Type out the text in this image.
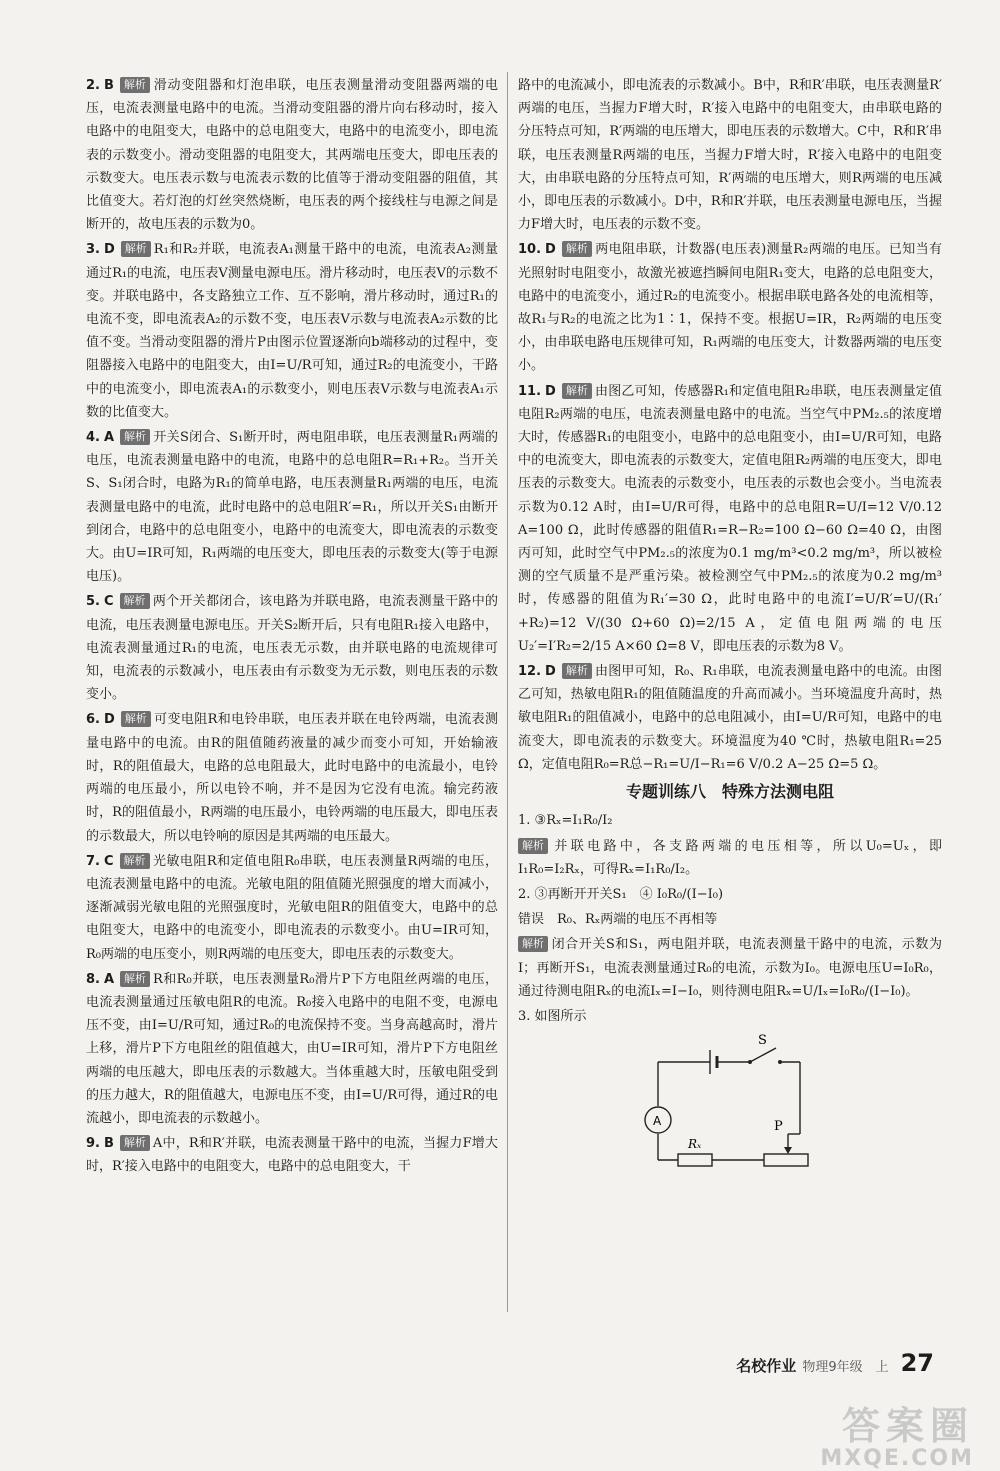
2. B 解析 滑动变阻器和灯泡串联，电压表测量滑动变阻器两端的电压，电流表测量电路中的电流。当滑动变阻器的滑片向右移动时，接入电路中的电阻变大，电路中的总电阻变大，电路中的电流变小，即电流表的示数变小。滑动变阻器的电阻变大，其两端电压变大，即电压表的示数变大。电压表示数与电流表示数的比值等于滑动变阻器的阻值，其比值变大。若灯泡的灯丝突然烧断，电压表的两个接线柱与电源之间是断开的，故电压表的示数为0。

3. D 解析 R₁和R₂并联，电流表A₁测量干路中的电流，电流表A₂测量通过R₁的电流，电压表V测量电源电压。滑片移动时，电压表V的示数不变。并联电路中，各支路独立工作、互不影响，滑片移动时，通过R₁的电流不变，即电流表A₂的示数不变，电压表V示数与电流表A₂示数的比值不变。当滑动变阻器的滑片P由图示位置逐渐向b端移动的过程中，变阻器接入电路中的电阻变大，由I=U/R可知，通过R₂的电流变小，干路中的电流变小，即电流表A₁的示数变小，则电压表V示数与电流表A₁示数的比值变大。

4. A 解析 开关S闭合、S₁断开时，两电阻串联，电压表测量R₁两端的电压，电流表测量电路中的电流，电路中的总电阻R=R₁+R₂。当开关S、S₁闭合时，电路为R₁的简单电路，电压表测量R₁两端的电压，电流表测量电路中的电流，此时电路中的总电阻R′=R₁，所以开关S₁由断开到闭合，电路中的总电阻变小，电路中的电流变大，即电流表的示数变大。由U=IR可知，R₁两端的电压变大，即电压表的示数变大(等于电源电压)。

5. C 解析 两个开关都闭合，该电路为并联电路，电流表测量干路中的电流，电压表测量电源电压。开关S₂断开后，只有电阻R₁接入电路中，电流表测量通过R₁的电流，电压表无示数，由并联电路的电流规律可知，电流表的示数减小，电压表由有示数变为无示数，则电压表的示数变小。

6. D 解析 可变电阻R和电铃串联，电压表并联在电铃两端，电流表测量电路中的电流。由R的阻值随药液量的减少而变小可知，开始输液时，R的阻值最大，电路的总电阻最大，此时电路中的电流最小，电铃两端的电压最小，所以电铃不响，并不是因为它没有电流。输完药液时，R的阻值最小，R两端的电压最小，电铃两端的电压最大，即电压表的示数最大，所以电铃响的原因是其两端的电压最大。

7. C 解析 光敏电阻R和定值电阻R₀串联，电压表测量R两端的电压，电流表测量电路中的电流。光敏电阻的阻值随光照强度的增大而减小，逐渐减弱光敏电阻的光照强度时，光敏电阻R的阻值变大，电路中的总电阻变大，电路中的电流变小，即电流表的示数变小。由U=IR可知，R₀两端的电压变小，则R两端的电压变大，即电压表的示数变大。

8. A 解析 R和R₀并联，电压表测量R₀滑片P下方电阻丝两端的电压，电流表测量通过压敏电阻R的电流。R₀接入电路中的电阻不变，电源电压不变，由I=U/R可知，通过R₀的电流保持不变。当身高越高时，滑片上移，滑片P下方电阻丝的阻值越大，由U=IR可知，滑片P下方电阻丝两端的电压越大，即电压表的示数越大。当体重越大时，压敏电阻受到的压力越大，R的阻值越大，电源电压不变，由I=U/R可得，通过R的电流越小，即电流表的示数越小。

9. B 解析 A中，R和R′并联，电流表测量干路中的电流，当握力F增大时，R′接入电路中的电阻变大，电路中的总电阻变大，干

路中的电流减小，即电流表的示数减小。B中，R和R′串联，电压表测量R′两端的电压，当握力F增大时，R′接入电路中的电阻变大，由串联电路的分压特点可知，R′两端的电压增大，即电压表的示数增大。C中，R和R′串联，电压表测量R两端的电压，当握力F增大时，R′接入电路中的电阻变大，由串联电路的分压特点可知，R′两端的电压增大，则R两端的电压减小，即电压表的示数减小。D中，R和R′并联，电压表测量电源电压，当握力F增大时，电压表的示数不变。

10. D 解析 两电阻串联，计数器(电压表)测量R₂两端的电压。已知当有光照射时电阻变小，故激光被遮挡瞬间电阻R₁变大，电路的总电阻变大，电路中的电流变小，通过R₂的电流变小。根据串联电路各处的电流相等，故R₁与R₂的电流之比为1∶1，保持不变。根据U=IR，R₂两端的电压变小，由串联电路电压规律可知，R₁两端的电压变大，计数器两端的电压变小。

11. D 解析 由图乙可知，传感器R₁和定值电阻R₂串联，电压表测量定值电阻R₂两端的电压，电流表测量电路中的电流。当空气中PM₂.₅的浓度增大时，传感器R₁的电阻变小，电路中的总电阻变小，由I=U/R可知，电路中的电流变大，即电流表的示数变大，定值电阻R₂两端的电压变大，即电压表的示数变大。电流表的示数变小，电压表的示数也会变小。当电流表示数为0.12 A时，由I=U/R可得，电路中的总电阻R=U/I=12 V/0.12 A=100 Ω，此时传感器的阻值R₁=R−R₂=100 Ω−60 Ω=40 Ω，由图丙可知，此时空气中PM₂.₅的浓度为0.1 mg/m³<0.2 mg/m³，所以被检测的空气质量不是严重污染。被检测空气中PM₂.₅的浓度为0.2 mg/m³时，传感器的阻值为R₁′=30 Ω，此时电路中的电流I′=U/R′=U/(R₁′+R₂)=12 V/(30 Ω+60 Ω)=2/15 A，定值电阻两端的电压U₂′=I′R₂=2/15 A×60 Ω=8 V，即电压表的示数为8 V。

12. D 解析 由图甲可知，R₀、R₁串联，电流表测量电路中的电流。由图乙可知，热敏电阻R₁的阻值随温度的升高而减小。当环境温度升高时，热敏电阻R₁的阻值减小，电路中的总电阻减小，由I=U/R可知，电路中的电流变大，即电流表的示数变大。环境温度为40 ℃时，热敏电阻R₁=25 Ω，定值电阻R₀=R总−R₁=U/I−R₁=6 V/0.2 A−25 Ω=5 Ω。

专题训练八　特殊方法测电阻

1. ③Rₓ=I₁R₀/I₂

解析 并联电路中，各支路两端的电压相等，所以U₀=Uₓ，即I₁R₀=I₂Rₓ，可得Rₓ=I₁R₀/I₂。

2. ③再断开开关S₁　④ I₀R₀/(I−I₀)

错误　R₀、Rₓ两端的电压不再相等

解析 闭合开关S和S₁，两电阻并联，电流表测量干路中的电流，示数为I；再断开S₁，电流表测量通过R₀的电流，示数为I₀。电源电压U=I₀R₀，通过待测电阻Rₓ的电流Iₓ=I−I₀，则待测电阻Rₓ=U/Iₓ=I₀R₀/(I−I₀)。

3. 如图所示

S
A
Rₓ
P
名校作业 物理9年级　上 27
答案圈
MXQE.COM
